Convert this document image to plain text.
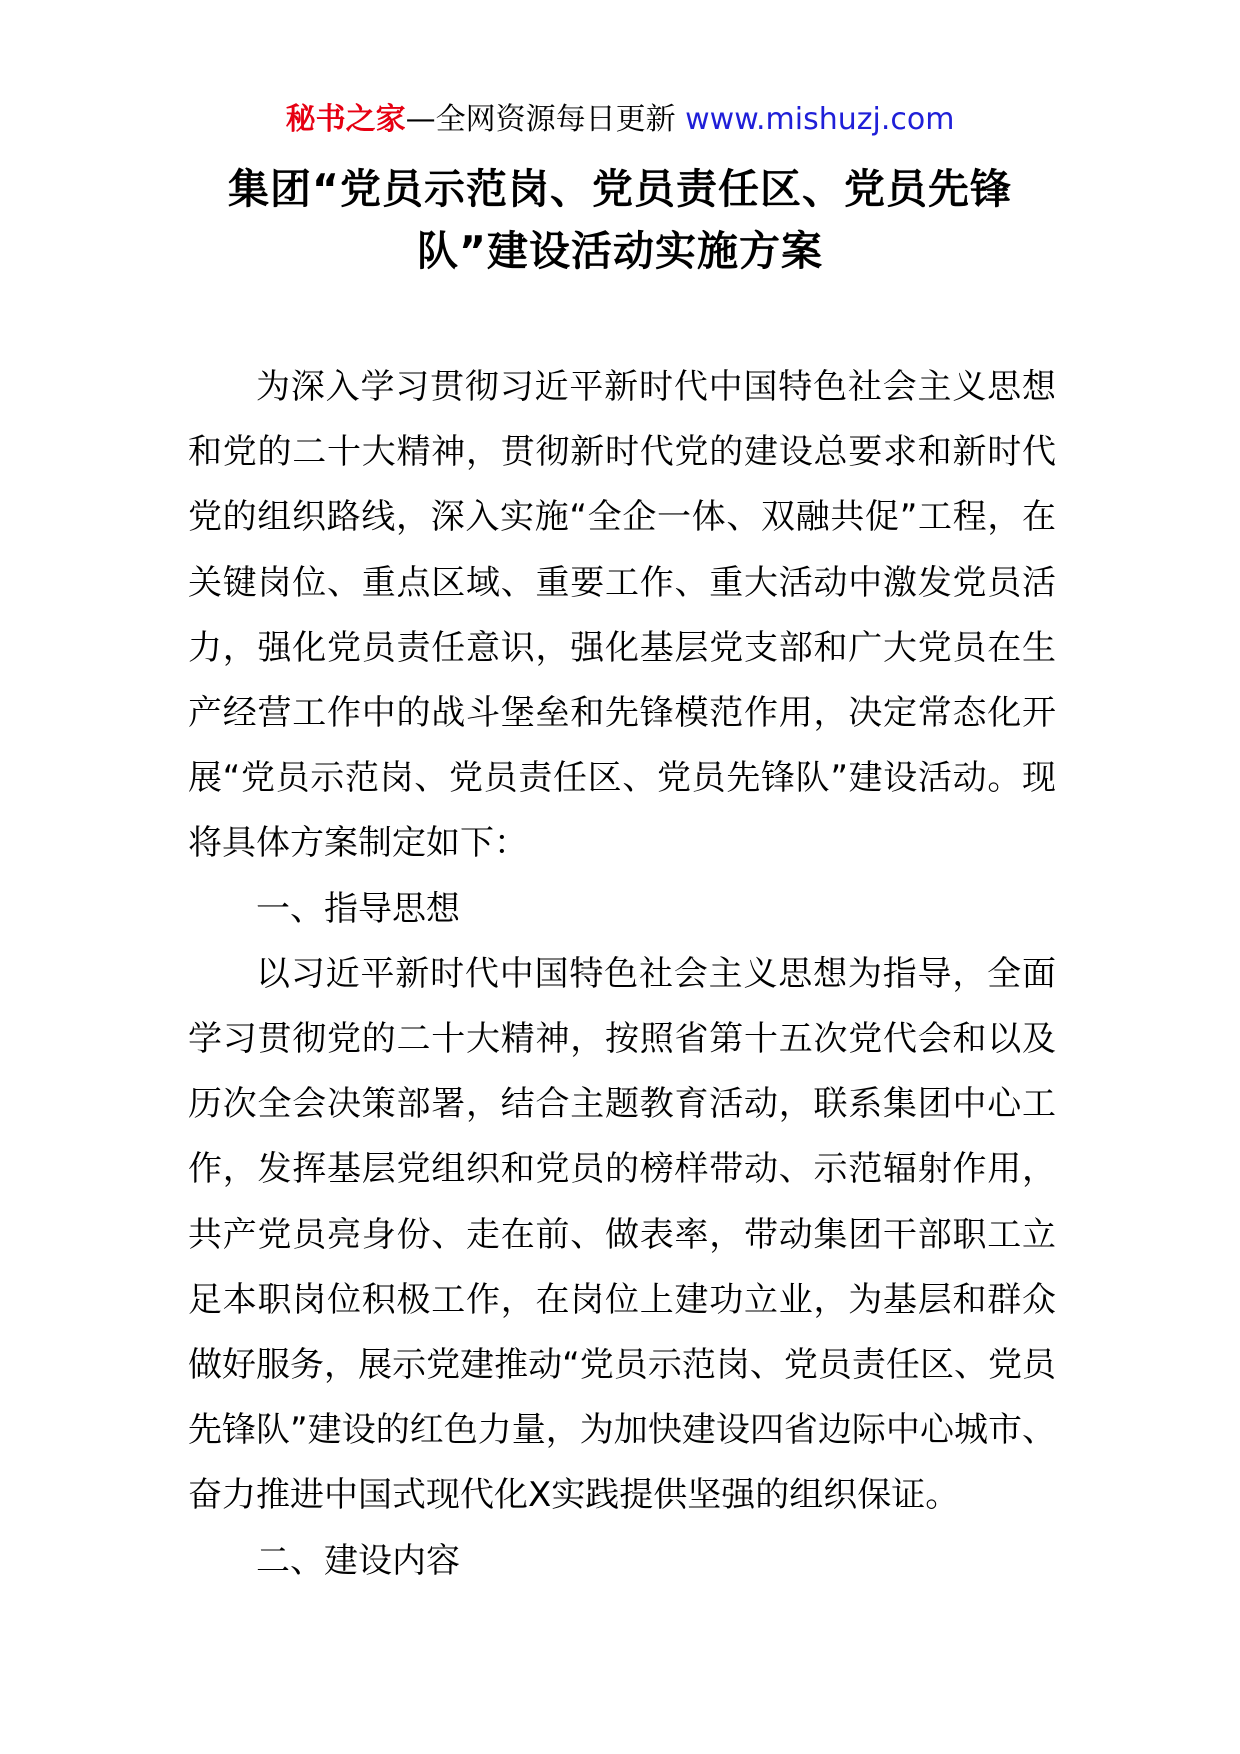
秘书之家—全网资源每日更新 www.mishuzj.com
集团“党员示范岗、党员责任区、党员先锋
队”建设活动实施方案

为深入学习贯彻习近平新时代中国特色社会主义思想和党的二十大精神，贯彻新时代党的建设总要求和新时代党的组织路线，深入实施“全企一体、双融共促”工程，在关键岗位、重点区域、重要工作、重大活动中激发党员活力，强化党员责任意识，强化基层党支部和广大党员在生产经营工作中的战斗堡垒和先锋模范作用，决定常态化开展“党员示范岗、党员责任区、党员先锋队”建设活动。现将具体方案制定如下：

一、指导思想

以习近平新时代中国特色社会主义思想为指导，全面学习贯彻党的二十大精神，按照省第十五次党代会和以及历次全会决策部署，结合主题教育活动，联系集团中心工作，发挥基层党组织和党员的榜样带动、示范辐射作用，共产党员亮身份、走在前、做表率，带动集团干部职工立足本职岗位积极工作，在岗位上建功立业，为基层和群众做好服务，展示党建推动“党员示范岗、党员责任区、党员先锋队”建设的红色力量，为加快建设四省边际中心城市、奋力推进中国式现代化X实践提供坚强的组织保证。

二、建设内容
